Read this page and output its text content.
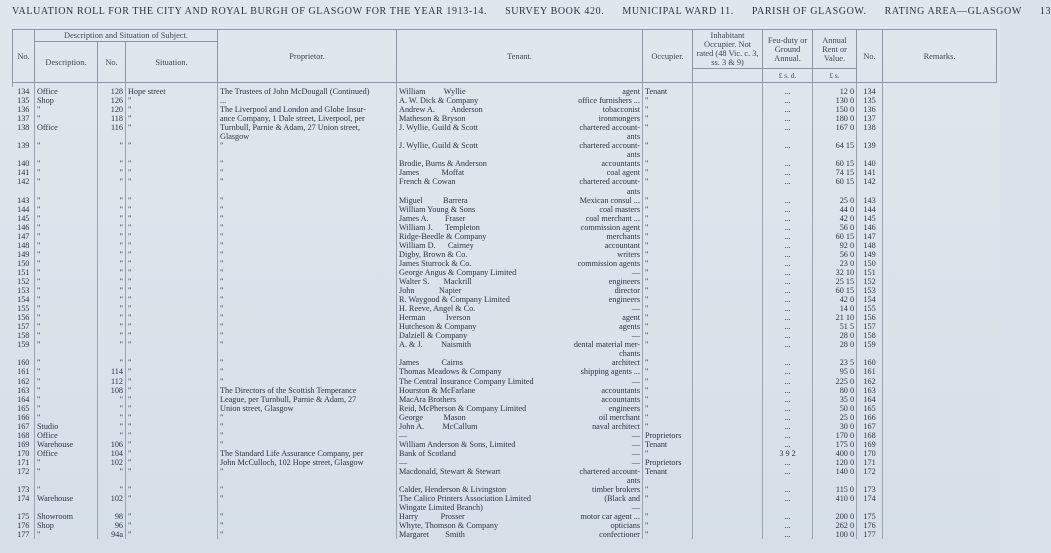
VALUATION ROLL FOR THE CITY AND ROYAL BURGH OF GLASGOW FOR THE YEAR 1913-14. SURVEY BOOK 420. MUNICIPAL WARD 11. PARISH OF GLASGOW. RATING AREA—GLASGOW 13
No.	Description and Situation of Subject.			Proprietor.	Tenant.	Occupier.	Inhabitant Occupier. Not rated (48 Vic. c. 3, ss. 3 & 9)	Feu-duty or Ground Annual.	Annual Rent or Value.	No.	Remarks.
	Description.	No.	Situation.								
								£ s. d.	£ s.		

134	Office	128	Hope street	The Trustees of John McDougall (Continued)	William         Wyllie agent	Tenant		...	12 0	134	
135	Shop	126	"	...	A. W. Dick & Company office furnishers ...	"		...	130 0	135	
136	"	120	"	The Liverpool and London and Globe Insur-	Andrew A.        Anderson tobacconist	"		...	150 0	136	
137	"	118	"	ance Company, 1 Dale street, Liverpool, per	Matheson & Bryson ironmongers	"		...	180 0	137	
138	Office	116	"	Turnbull, Parnie & Adam, 27 Union street,	J. Wyllie, Guild & Scott chartered account-	"		...	167 0	138	
				Glasgow	ants						

139	"	"	"	"	J. Wyllie, Guild & Scott chartered account-	"		...	64 15	139	

					ants						

140	"	"	"	"	Brodie, Burns & Anderson accountants	"		...	60 15	140	
141	"	"	"	"	James           Moffat coal agent	"		...	74 15	141	
142	"	"	"	"	French & Cowan chartered account-	"		...	60 15	142	

					ants						

143	"	"	"	"	Miguel          Barrera Mexican consul ...	"		...	25 0	143	
144	"	"	"	"	William Young & Sons coal masters	"		...	44 0	144	
145	"	"	"	"	James A.        Fraser coal merchant ...	"		...	42 0	145	
146	"	"	"	"	William J.      Templeton commission agent	"		...	56 0	146	
147	"	"	"	"	Ridge-Beedle & Company merchants	"		...	60 15	147	
148	"	"	"	"	William D.      Cairney accountant	"		...	92 0	148	
149	"	"	"	"	Digby, Brown & Co. writers	"		...	56 0	149	
150	"	"	"	"	James Sturrock & Co. commission agents	"		...	23 0	150	
151	"	"	"	"	George Angus & Company Limited —	"		...	32 10	151	
152	"	"	"	"	Walter S.       Mackrill engineers	"		...	25 15	152	
153	"	"	"	"	John            Napier director	"		...	60 15	153	
154	"	"	"	"	R. Waygood & Company Limited engineers	"		...	42 0	154	
155	"	"	"	"	H. Reeve, Angel & Co. —	"		...	14 0	155	
156	"	"	"	"	Herman          Iverson agent	"		...	21 10	156	
157	"	"	"	"	Hutcheson & Company agents	"		...	51 5	157	
158	"	"	"	"	Dalziell & Company —	"		...	28 0	158	
159	"	"	"	"	A. & J.         Naismith dental material mer-	"		...	28 0	159	

					chants						

160	"	"	"	"	James           Cairns architect	"		...	23 5	160	
161	"	114	"	"	Thomas Meadows & Company shipping agents ...	"		...	95 0	161	
162	"	112	"	"	The Central Insurance Company Limited —	"		...	225 0	162	
163	"	108	"	The Directors of the Scottish Temperance	Hourston & McFarlane accountants	"		...	80 0	163	
164	"	"	"	League, per Turnbull, Parnie & Adam, 27	MacAra Brothers accountants	"		...	35 0	164	
165	"	"	"	Union street, Glasgow	Reid, McPherson & Company Limited engineers	"		...	50 0	165	
166	"	"	"	"	George          Mason oil merchant	"		...	25 0	166	
167	Studio	"	"	"	John A.         McCallum naval architect	"		...	30 0	167	
168	Office	"	"	"	— —	Proprietors		...	170 0	168	
169	Warehouse	106	"	"	William Anderson & Sons, Limited —	Tenant		...	175 0	169	
170	Office	104	"	The Standard Life Assurance Company, per	Bank of Scotland —	"		3 9 2	400 0	170	
171	"	102	"	John McCulloch, 102 Hope street, Glasgow	— —	Proprietors		...	120 0	171	
172	"	"	"	"	Macdonald, Stewart & Stewart chartered account-	Tenant		...	140 0	172	

					ants						

173	"	"	"	"	Calder, Henderson & Livingston timber brokers	"		...	115 0	173	
174	Warehouse	102	"	"	The Calico Printers Association Limited (Black and	"		...	410 0	174	
					Wingate Limited Branch) —						

175	Showroom	98	"	"	Harry           Prosser motor car agent ...	"		...	200 0	175	
176	Shop	96	"	"	Whyte, Thomson & Company opticians	"		...	262 0	176	
177	"	94a	"	"	Margaret        Smith confectioner	"		...	100 0	177	
